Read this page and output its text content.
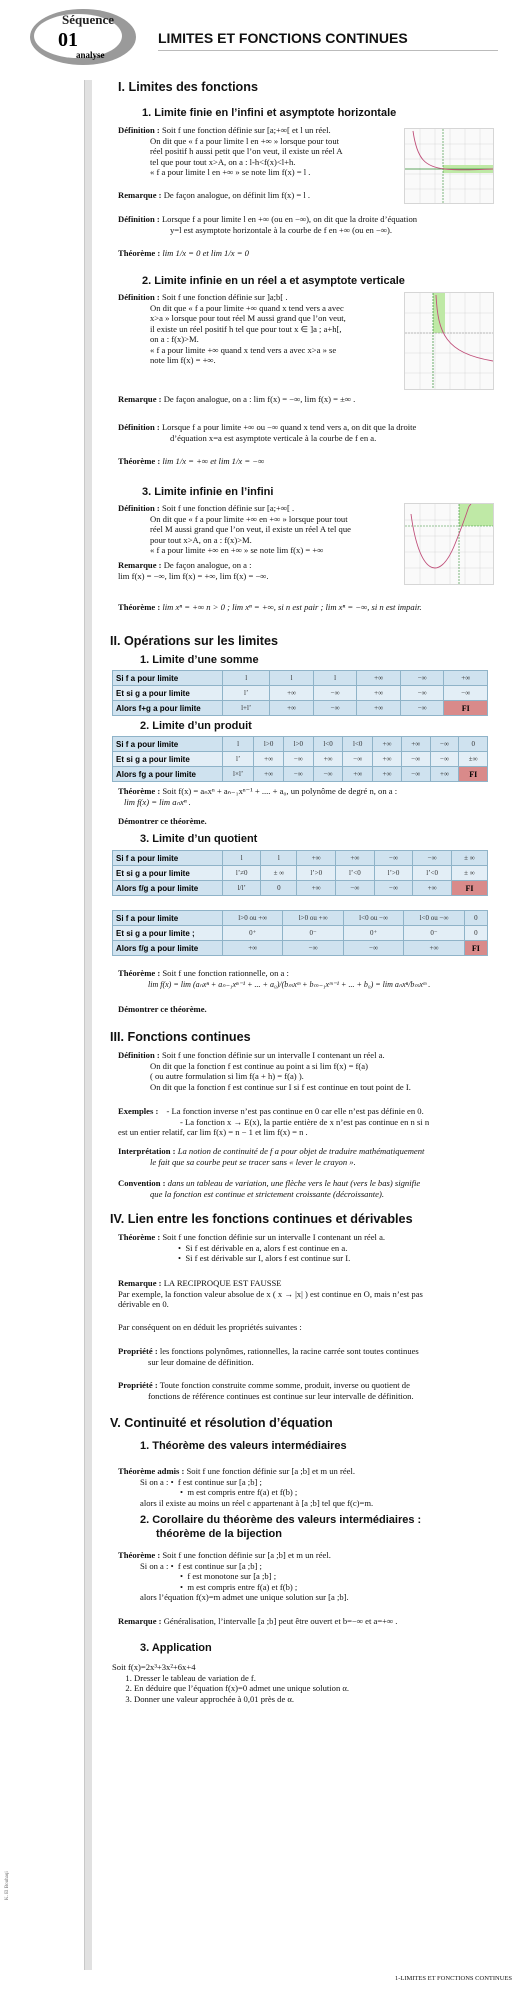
Séquence
01
analyse
LIMITES ET FONCTIONS CONTINUES
K. El Bouhaqi
I. Limites des fonctions
1. Limite finie en l’infini et asymptote horizontale
Définition : Soit f une fonction définie sur [a;+∞[ et l un réel.
On dit que « f a pour limite l en +∞ » lorsque pour tout
réel positif h aussi petit que l’on veut, il existe un réel A
tel que pour tout x>A, on a : l-h<f(x)<l+h.
« f a pour limite l en +∞ » se note lim f(x) = l .
Remarque : De façon analogue, on définit lim f(x) = l .
Définition : Lorsque f a pour limite l en +∞ (ou en −∞), on dit que la droite d’équation
y=l est asymptote horizontale à la courbe de f en +∞ (ou en −∞).
Théorème : lim 1/x = 0 et lim 1/x = 0
2. Limite infinie en un réel a et asymptote verticale
Définition : Soit f une fonction définie sur ]a;b[ .
On dit que « f a pour limite +∞ quand x tend vers a avec
x>a » lorsque pour tout réel M aussi grand que l’on veut,
il existe un réel positif h tel que pour tout x ∈ ]a ; a+h[,
on a : f(x)>M.
« f a pour limite +∞ quand x tend vers a avec x>a » se
note lim f(x) = +∞.
Remarque : De façon analogue, on a : lim f(x) = −∞, lim f(x) = ±∞ .
Définition : Lorsque f a pour limite +∞ ou −∞ quand x tend vers a, on dit que la droite
d’équation x=a est asymptote verticale à la courbe de f en a.
Théorème : lim 1/x = +∞ et lim 1/x = −∞
3. Limite infinie en l’infini
Définition : Soit f une fonction définie sur [a;+∞[ .
On dit que « f a pour limite +∞ en +∞ » lorsque pour tout
réel M aussi grand que l’on veut, il existe un réel A tel que
pour tout x>A, on a : f(x)>M.
« f a pour limite +∞ en +∞ » se note lim f(x) = +∞
Remarque : De façon analogue, on a :
lim f(x) = −∞, lim f(x) = +∞, lim f(x) = −∞.
Théorème : lim xⁿ = +∞ n > 0 ; lim xⁿ = +∞, si n est pair ; lim xⁿ = −∞, si n est impair.
II. Opérations sur les limites
1. Limite d’une somme
Si f a pour limite	l	l	l	+∞	−∞	+∞
Et si g a pour limite	l’	+∞	−∞	+∞	−∞	−∞
Alors f+g a pour limite	l+l’	+∞	−∞	+∞	−∞	FI
2. Limite d’un produit
Si f a pour limite	l	l>0	l>0	l<0	l<0	+∞	+∞	−∞	0
Et si g a pour limite	l’	+∞	−∞	+∞	−∞	+∞	−∞	−∞	±∞
Alors fg a pour limite	l×l’	+∞	−∞	−∞	+∞	+∞	−∞	+∞	FI
Théorème : Soit f(x) = aₙxⁿ + aₙ₋₁xⁿ⁻¹ + .... + a₀, un polynôme de degré n, on a :
lim f(x) = lim aₙxⁿ .
Démontrer ce théorème.
3. Limite d’un quotient
Si f a pour limite	l	l	+∞	+∞	−∞	−∞	± ∞
Et si g a pour limite	l’≠0	± ∞	l’>0	l’<0	l’>0	l’<0	± ∞
Alors f/g a pour limite	l/l’	0	+∞	−∞	−∞	+∞	FI
Si f a pour limite	l>0 ou +∞	l>0 ou +∞	l<0 ou −∞	l<0 ou −∞	0
Et si g a pour limite ;	0⁺	0⁻	0⁺	0⁻	0
Alors f/g a pour limite	+∞	−∞	−∞	+∞	FI
Théorème : Soit f une fonction rationnelle, on a :
lim f(x) = lim (aₙxⁿ + aₙ₋₁xⁿ⁻¹ + ... + a₀)/(bₘxᵐ + bₘ₋₁xᵐ⁻¹ + ... + b₀) = lim aₙxⁿ/bₘxᵐ .
Démontrer ce théorème.
III. Fonctions continues
Définition : Soit f une fonction définie sur un intervalle I contenant un réel a.
On dit que la fonction f est continue au point a si lim f(x) = f(a)
( ou autre formulation si lim f(a + h) = f(a) ).
On dit que la fonction f est continue sur I si f est continue en tout point de I.
Exemples : - La fonction inverse n’est pas continue en 0 car elle n’est pas définie en 0.
- La fonction x → E(x), la partie entière de x n’est pas continue en n si n
est un entier relatif, car lim f(x) = n − 1 et lim f(x) = n .
Interprétation : La notion de continuité de f a pour objet de traduire mathématiquement
le fait que sa courbe peut se tracer sans « lever le crayon ».
Convention : dans un tableau de variation, une flèche vers le haut (vers le bas) signifie
que la fonction est continue et strictement croissante (décroissante).
IV. Lien entre les fonctions continues et dérivables
Théorème : Soit f une fonction définie sur un intervalle I contenant un réel a.
•  Si f est dérivable en a, alors f est continue en a.
•  Si f est dérivable sur I, alors f est continue sur I.
Remarque : LA RECIPROQUE EST FAUSSE
Par exemple, la fonction valeur absolue de x ( x → |x| ) est continue en O, mais n’est pas
dérivable en 0.
Par conséquent on en déduit les propriétés suivantes :
Propriété : les fonctions polynômes, rationnelles, la racine carrée sont toutes continues
sur leur domaine de définition.
Propriété : Toute fonction construite comme somme, produit, inverse ou quotient de
fonctions de référence continues est continue sur leur intervalle de définition.
V. Continuité et résolution d’équation
1. Théorème des valeurs intermédiaires
Théorème admis : Soit f une fonction définie sur [a ;b] et m un réel.
Si on a : •  f est continue sur [a ;b] ;
•  m est compris entre f(a) et f(b) ;
alors il existe au moins un réel c appartenant à [a ;b] tel que f(c)=m.
2. Corollaire du théorème des valeurs intermédiaires :
théorème de la bijection
Théorème : Soit f une fonction définie sur [a ;b] et m un réel.
Si on a : •  f est continue sur [a ;b] ;
•  f est monotone sur [a ;b] ;
•  m est compris entre f(a) et f(b) ;
alors l’équation f(x)=m admet une unique solution sur [a ;b].
Remarque : Généralisation, l’intervalle [a ;b] peut être ouvert et b=−∞ et a=+∞ .
3. Application
Soit f(x)=2x³+3x²+6x+4
1. Dresser le tableau de variation de f.
2. En déduire que l’équation f(x)=0 admet une unique solution α.
3. Donner une valeur approchée à 0,01 près de α.
1-LIMITES ET FONCTIONS CONTINUES
